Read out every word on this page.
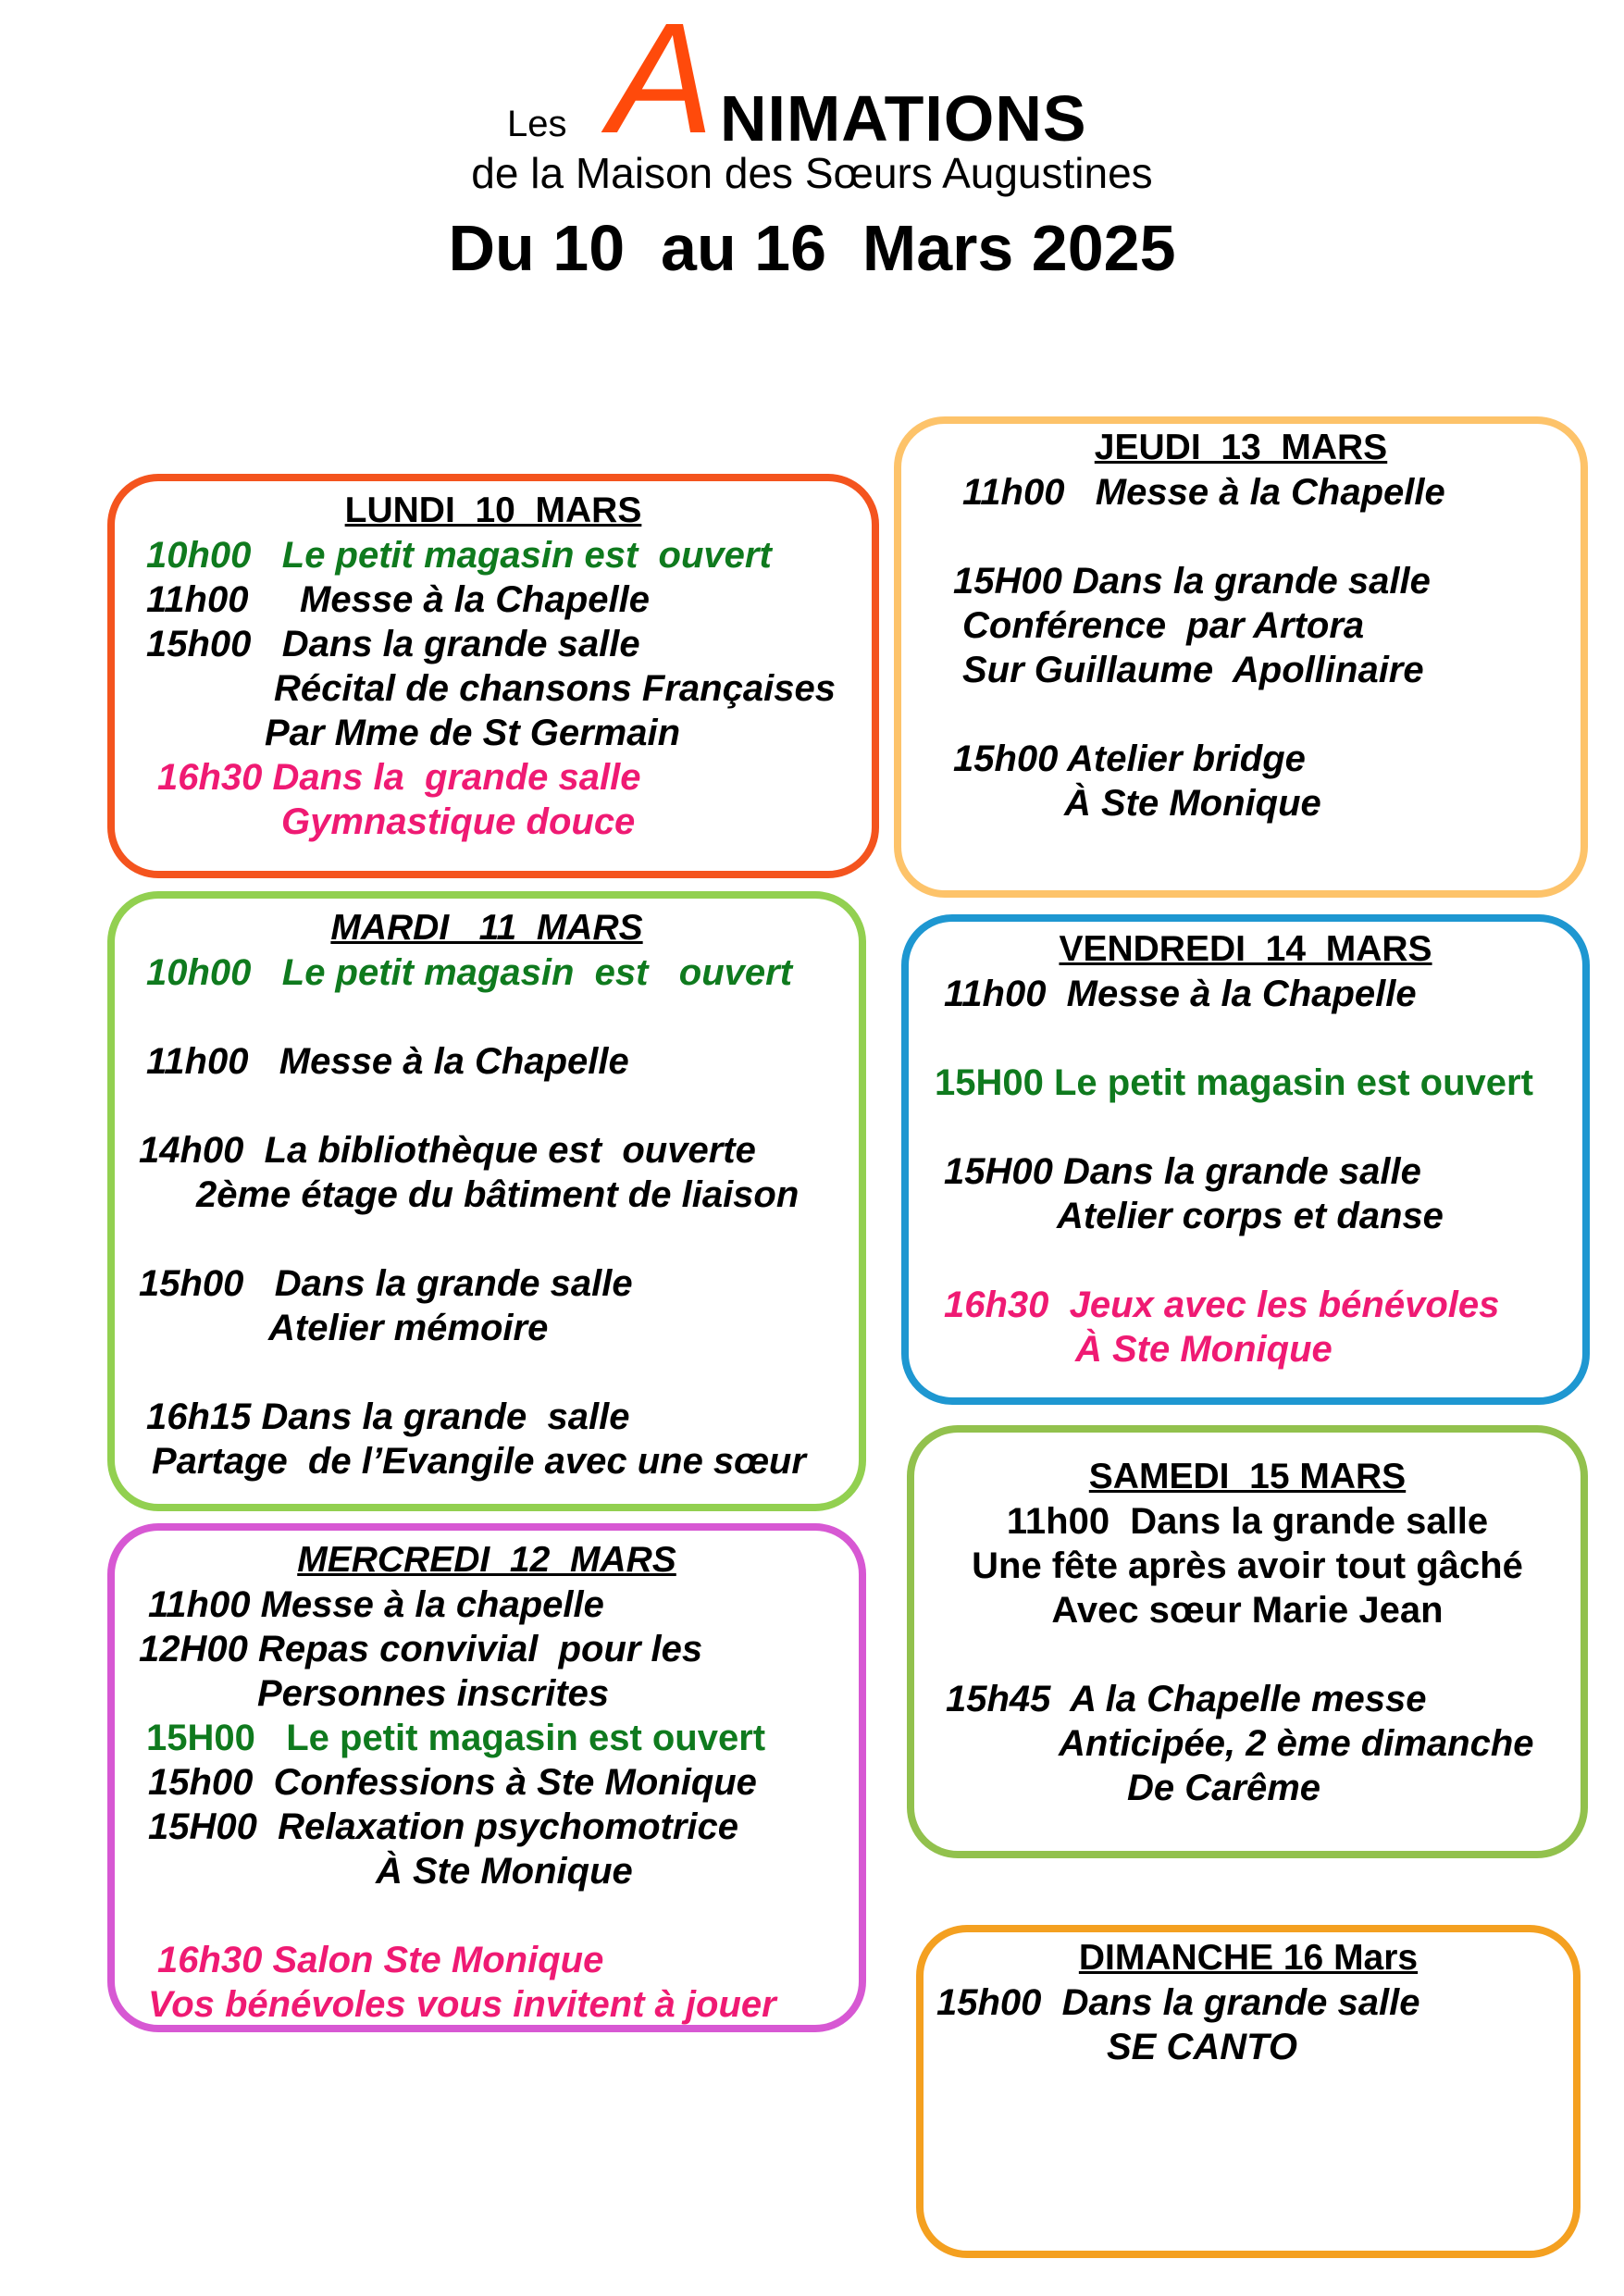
Les A NIMATIONS
de la Maison des Sœurs Augustines
Du 10  au 16  Mars 2025
LUNDI  10  MARS
10h00   Le petit magasin est  ouvert
11h00     Messe à la Chapelle
15h00   Dans la grande salle
Récital de chansons Françaises
Par Mme de St Germain
16h30 Dans la  grande salle
Gymnastique douce
MARDI   11  MARS
10h00   Le petit magasin  est   ouvert
11h00   Messe à la Chapelle
14h00  La bibliothèque est  ouverte
2ème étage du bâtiment de liaison
15h00   Dans la grande salle
Atelier mémoire
16h15 Dans la grande  salle
Partage  de l’Evangile avec une sœur
MERCREDI  12  MARS
11h00 Messe à la chapelle
12H00 Repas convivial  pour les
Personnes inscrites
15H00   Le petit magasin est ouvert
15h00  Confessions à Ste Monique
15H00  Relaxation psychomotrice
À Ste Monique
16h30 Salon Ste Monique
Vos bénévoles vous invitent à jouer
JEUDI  13  MARS
11h00   Messe à la Chapelle
15H00 Dans la grande salle
Conférence  par Artora
Sur Guillaume  Apollinaire
15h00 Atelier bridge
À Ste Monique
VENDREDI  14  MARS
11h00  Messe à la Chapelle
15H00 Le petit magasin est ouvert
15H00 Dans la grande salle
Atelier corps et danse
16h30  Jeux avec les bénévoles
À Ste Monique
SAMEDI  15 MARS
11h00  Dans la grande salle
Une fête après avoir tout gâché
Avec sœur Marie Jean
15h45  A la Chapelle messe
Anticipée, 2 ème dimanche
De Carême
DIMANCHE 16 Mars
15h00  Dans la grande salle
SE CANTO
